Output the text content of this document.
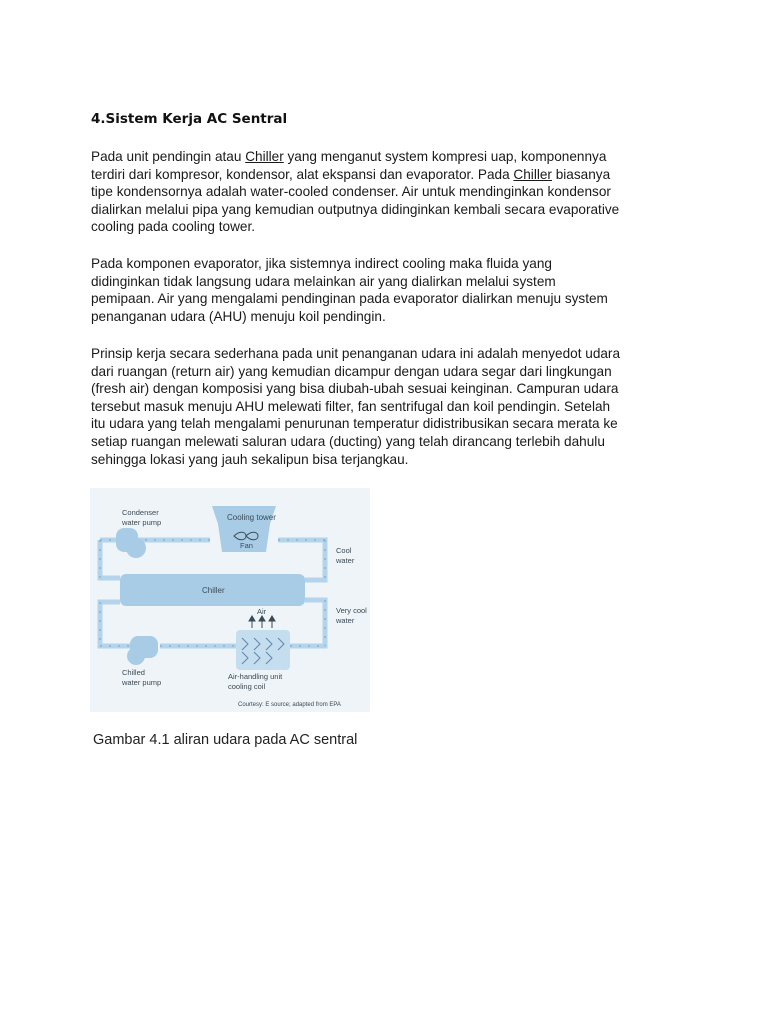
4.Sistem Kerja AC Sentral
Pada unit pendingin atau Chiller yang menganut system kompresi uap, komponennya
terdiri dari kompresor, kondensor, alat ekspansi dan evaporator. Pada Chiller biasanya
tipe kondensornya adalah water-cooled condenser. Air untuk mendinginkan kondensor
dialirkan melalui pipa yang kemudian outputnya didinginkan kembali secara evaporative
cooling pada cooling tower.
Pada komponen evaporator, jika sistemnya indirect cooling maka fluida yang
didinginkan tidak langsung udara melainkan air yang dialirkan melalui system
pemipaan. Air yang mengalami pendinginan pada evaporator dialirkan menuju system
penanganan udara (AHU) menuju koil pendingin.
Prinsip kerja secara sederhana pada unit penanganan udara ini adalah menyedot udara
dari ruangan (return air) yang kemudian dicampur dengan udara segar dari lingkungan
(fresh air) dengan komposisi yang bisa diubah-ubah sesuai keinginan. Campuran udara
tersebut masuk menuju AHU melewati filter, fan sentrifugal dan koil pendingin. Setelah
itu udara yang telah mengalami penurunan temperatur didistribusikan secara merata ke
setiap ruangan melewati saluran udara (ducting) yang telah dirancang terlebih dahulu
sehingga lokasi yang jauh sekalipun bisa terjangkau.
Condenser
water pump
Cooling tower
Fan
Cool
water
Chiller
Air	Very cool
water
Chilled
water pump
Air-handling unit
cooling coil
Courtesy: E source; adapted from EPA
Gambar 4.1 aliran udara pada AC sentral
